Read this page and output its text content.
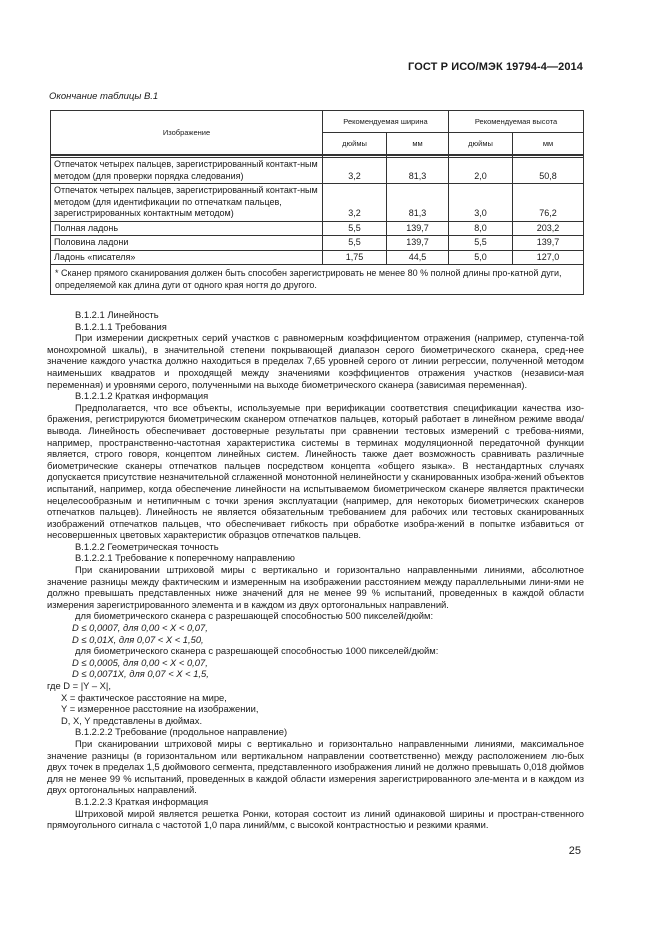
ГОСТ Р ИСО/МЭК 19794-4—2014
Окончание таблицы В.1
Изображение	Рекомендуемая ширина		Рекомендуемая высота	
	дюймы	мм	дюймы	мм

Отпечаток четырех пальцев, зарегистрированный контакт-ным методом (для проверки порядка следования)	3,2	81,3	2,0	50,8
Отпечаток четырех пальцев, зарегистрированный контакт-ным методом (для идентификации по отпечаткам пальцев, зарегистрированных контактным методом)	3,2	81,3	3,0	76,2
Полная ладонь	5,5	139,7	8,0	203,2
Половина ладони	5,5	139,7	5,5	139,7
Ладонь «писателя»	1,75	44,5	5,0	127,0
* Сканер прямого сканирования должен быть способен зарегистрировать не менее 80 % полной длины про-катной дуги, определяемой как длина дуги от одного края ногтя до другого.				

В.1.2.1 Линейность

В.1.2.1.1 Требования

При измерении дискретных серий участков с равномерным коэффициентом отражения (например, ступенча-той монохромной шкалы), в значительной степени покрывающей диапазон серого биометрического сканера, сред-нее значение каждого участка должно находиться в пределах 7,65 уровней серого от линии регрессии, полученной методом наименьших квадратов и проходящей между значениями коэффициентов отражения участков (независи-мая переменная) и уровнями серого, полученными на выходе биометрического сканера (зависимая переменная).

В.1.2.1.2 Краткая информация

Предполагается, что все объекты, используемые при верификации соответствия спецификации качества изо-бражения, регистрируются биометрическим сканером отпечатков пальцев, который работает в линейном режиме ввода/вывода. Линейность обеспечивает достоверные результаты при сравнении тестовых измерений с требова-ниями, например, пространственно-частотная характеристика системы в терминах модуляционной передаточной функции является, строго говоря, концептом линейных систем. Линейность также дает возможность сравнивать различные биометрические сканеры отпечатков пальцев посредством концепта «общего языка». В нестандартных случаях допускается присутствие незначительной сглаженной монотонной нелинейности у сканированных изобра-жений объектов испытаний, например, когда обеспечение линейности на испытываемом биометрическом сканере является практически нецелесообразным и нетипичным с точки зрения эксплуатации (например, для некоторых биометрических сканеров отпечатков пальцев). Линейность не является обязательным требованием для рабочих или тестовых сканированных изображений отпечатков пальцев, что обеспечивает гибкость при обработке изобра-жений в попытке избавиться от несовершенных цветовых характеристик образцов отпечатков пальцев.

В.1.2.2 Геометрическая точность

В.1.2.2.1 Требование к поперечному направлению

При сканировании штриховой миры с вертикально и горизонтально направленными линиями, абсолютное значение разницы между фактическим и измеренным на изображении расстоянием между параллельными лини-ями не должно превышать представленных ниже значений для не менее 99 % испытаний, проведенных в каждой области измерения зарегистрированного элемента и в каждом из двух ортогональных направлений.

для биометрического сканера с разрешающей способностью 500 пикселей/дюйм:

D ≤ 0,0007, для 0,00 < X < 0,07,

D ≤ 0,01X, для 0,07 < X < 1,50,

для биометрического сканера с разрешающей способностью 1000 пикселей/дюйм:

D ≤ 0,0005, для 0,00 < X < 0,07,

D ≤ 0,0071X, для 0,07 < X < 1,5,

где D = |Y – X|,

X = фактическое расстояние на мире,

Y = измеренное расстояние на изображении,

D, X, Y представлены в дюймах.

В.1.2.2.2 Требование (продольное направление)

При сканировании штриховой миры с вертикально и горизонтально направленными линиями, максимальное значение разницы (в горизонтальном или вертикальном направлении соответственно) между расположением лю-бых двух точек в пределах 1,5 дюймового сегмента, представленного изображения линий не должно превышать 0,018 дюймов для не менее 99 % испытаний, проведенных в каждой области измерения зарегистрированного эле-мента и в каждом из двух ортогональных направлений.

В.1.2.2.3 Краткая информация

Штриховой мирой является решетка Ронки, которая состоит из линий одинаковой ширины и простран-ственного прямоугольного сигнала с частотой 1,0 пара линий/мм, с высокой контрастностью и резкими краями.

25
